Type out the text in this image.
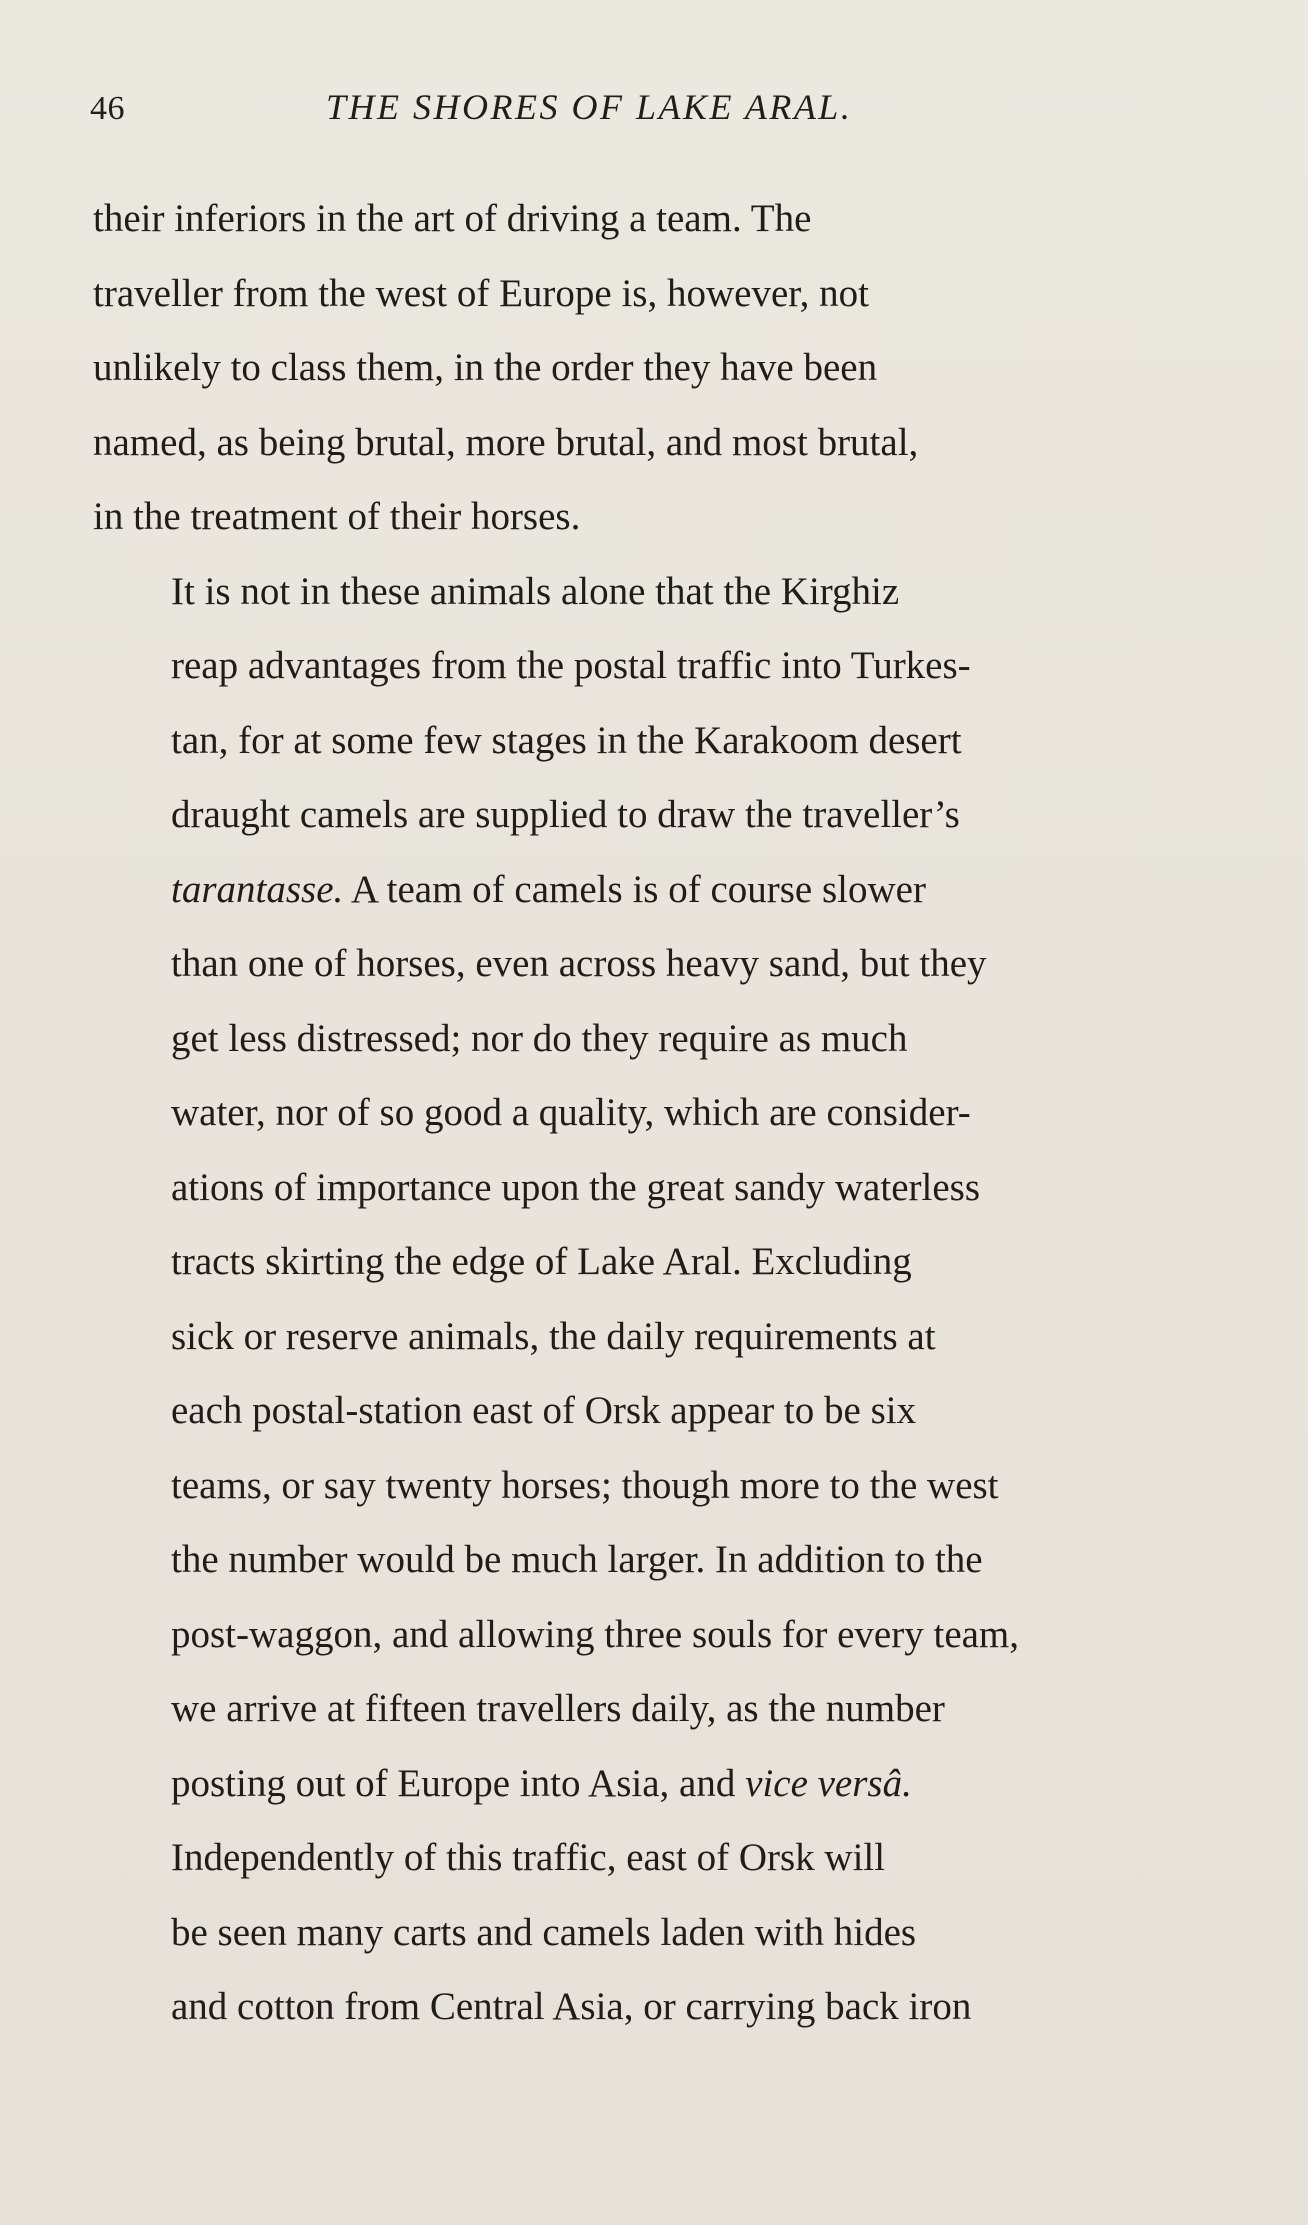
46	THE SHORES OF LAKE ARAL.

their inferiors in the art of driving a team. The
traveller from the west of Europe is, however, not
unlikely to class them, in the order they have been
named, as being brutal, more brutal, and most brutal,
in the treatment of their horses.

It is not in these animals alone that the Kirghiz
reap advantages from the postal traffic into Turkes-
tan, for at some few stages in the Karakoom desert
draught camels are supplied to draw the traveller’s
tarantasse. A team of camels is of course slower
than one of horses, even across heavy sand, but they
get less distressed; nor do they require as much
water, nor of so good a quality, which are consider-
ations of importance upon the great sandy waterless
tracts skirting the edge of Lake Aral. Excluding
sick or reserve animals, the daily requirements at
each postal-station east of Orsk appear to be six
teams, or say twenty horses; though more to the west
the number would be much larger. In addition to the
post-waggon, and allowing three souls for every team,
we arrive at fifteen travellers daily, as the number
posting out of Europe into Asia, and vice versâ.

Independently of this traffic, east of Orsk will
be seen many carts and camels laden with hides
and cotton from Central Asia, or carrying back iron
